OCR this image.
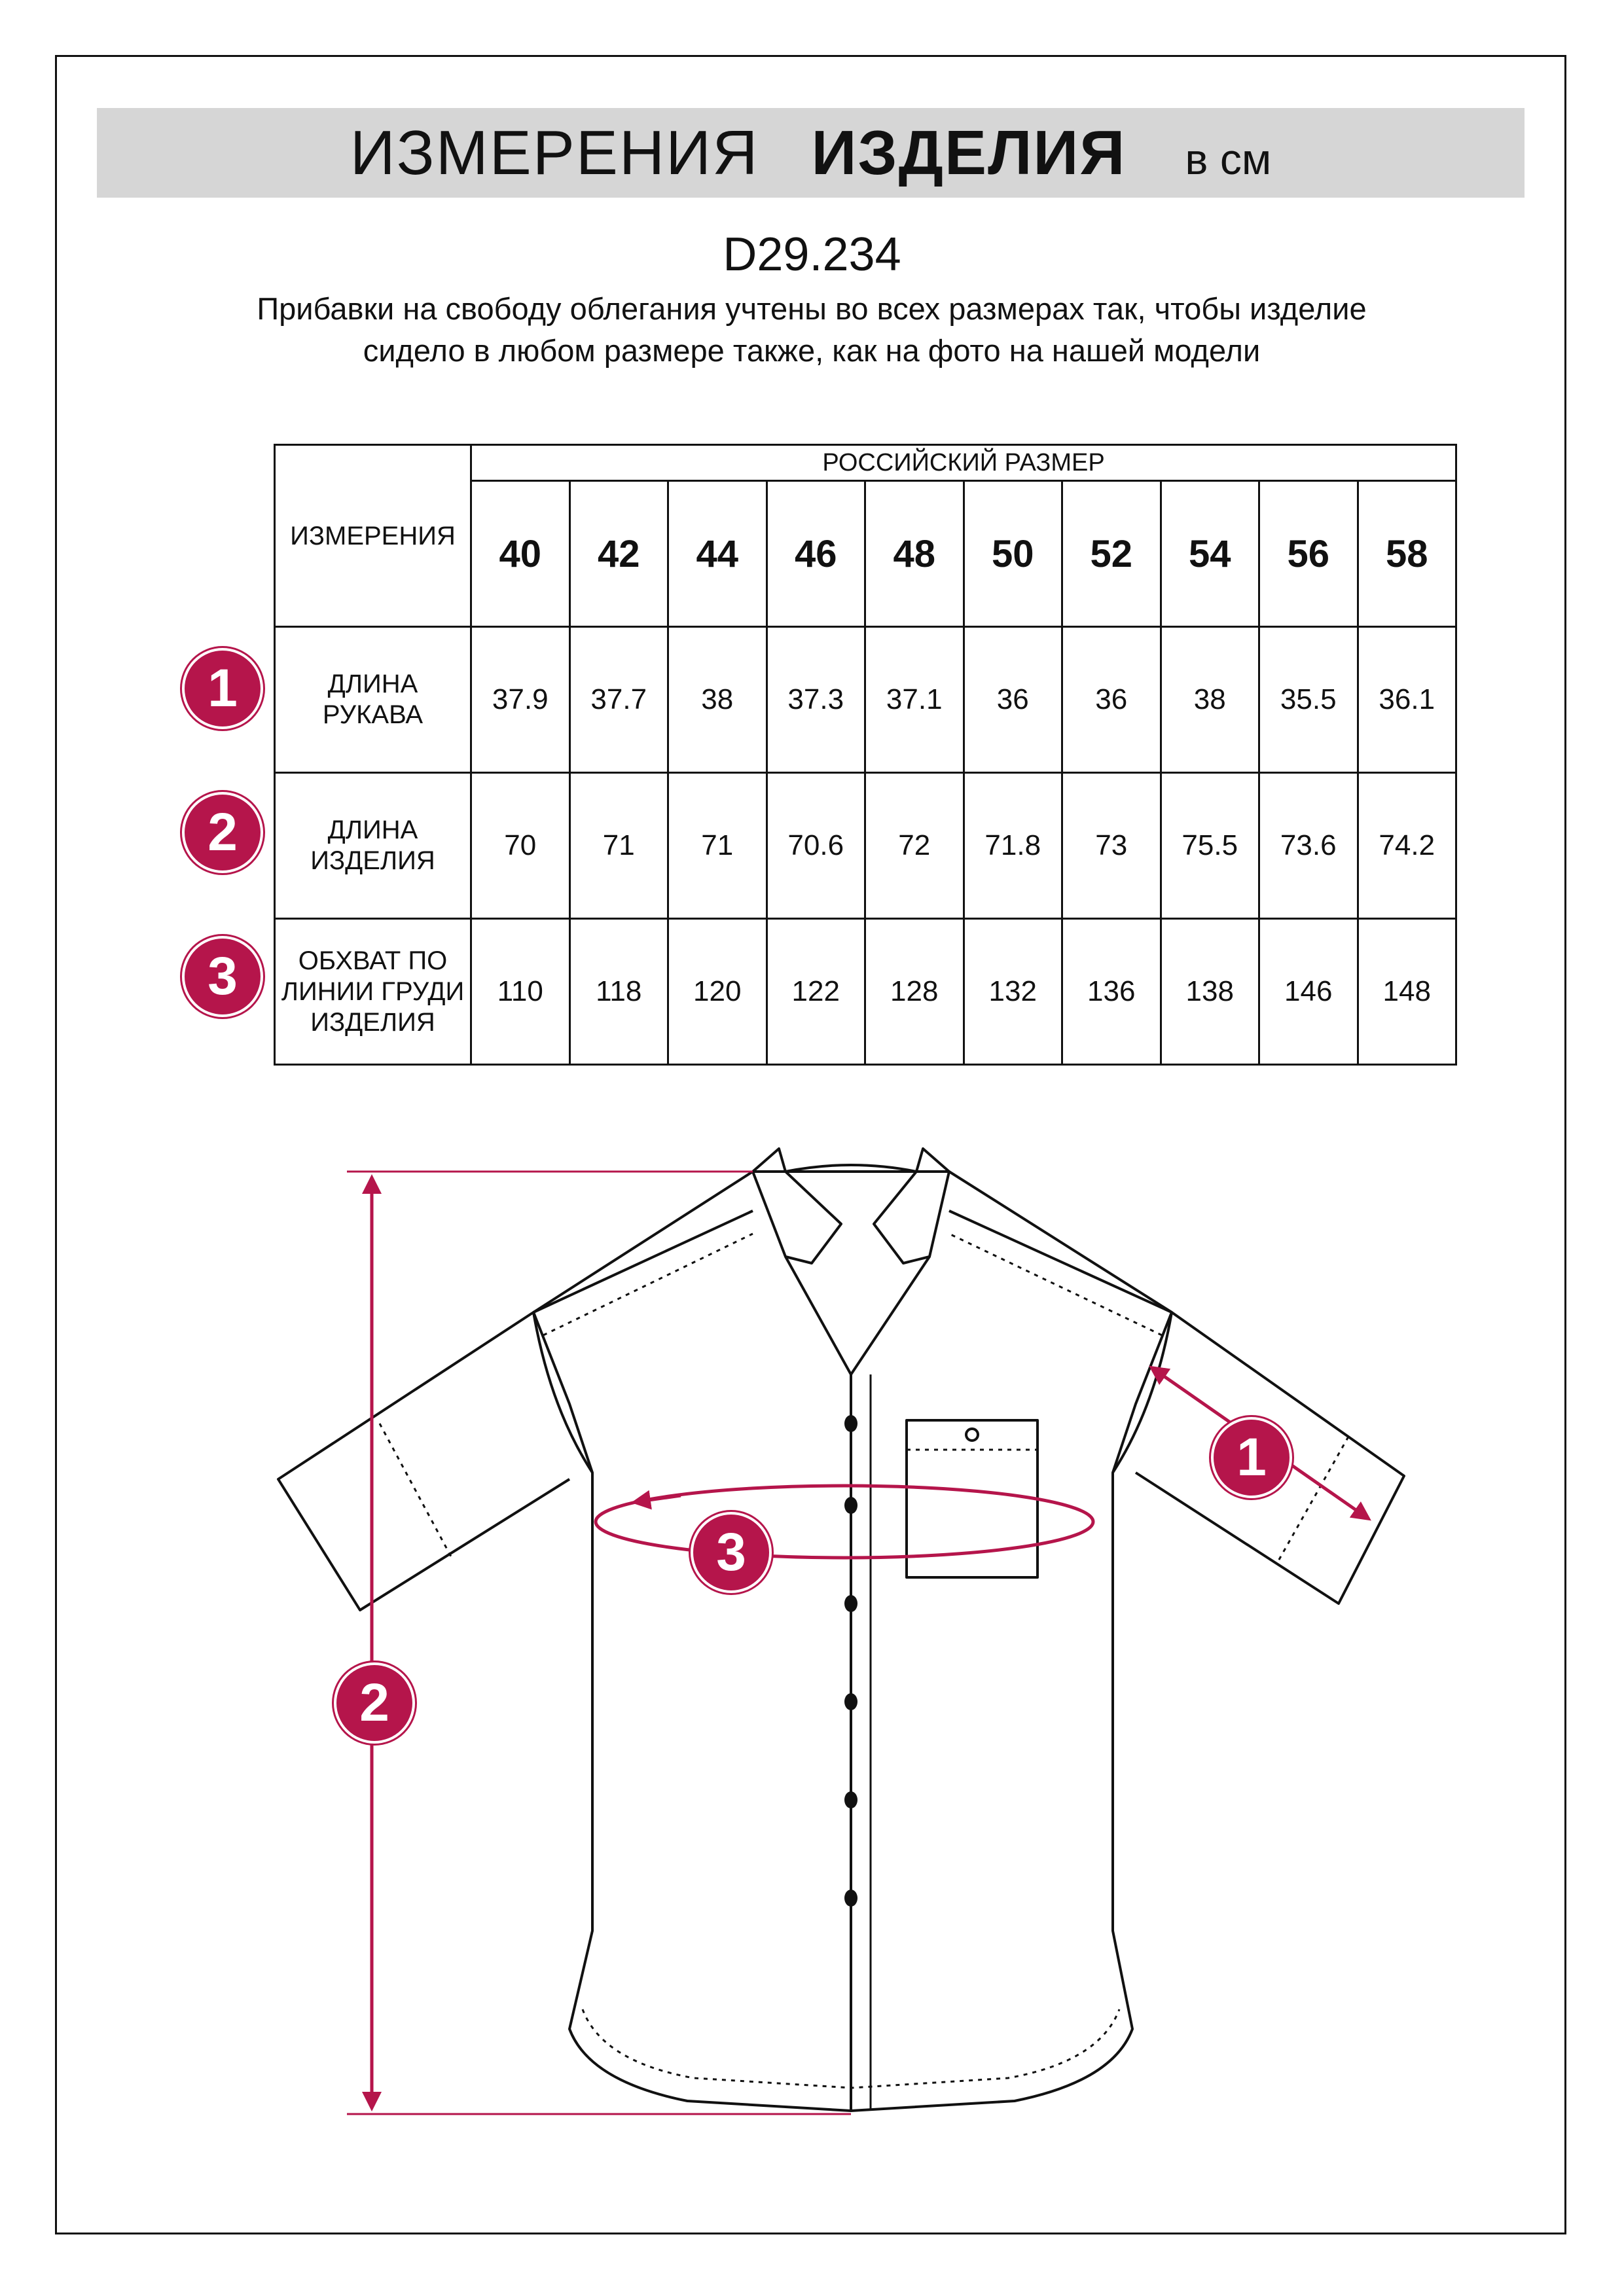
ИЗМЕРЕНИЯ ИЗДЕЛИЯ в см
D29.234
Прибавки на свободу облегания учтены во всех размерах так, чтобы изделие сидело в любом размере также, как на фото на нашей модели
ИЗМЕРЕНИЯ	РОССИЙСКИЙ РАЗМЕР									
	40	42	44	46	48	50	52	54	56	58
ДЛИНА РУКАВА	37.9	37.7	38	37.3	37.1	36	36	38	35.5	36.1
ДЛИНА ИЗДЕЛИЯ	70	71	71	70.6	72	71.8	73	75.5	73.6	74.2
ОБХВАТ ПО ЛИНИИ ГРУДИ ИЗДЕЛИЯ	110	118	120	122	128	132	136	138	146	148
1
2
3
1
3
2
